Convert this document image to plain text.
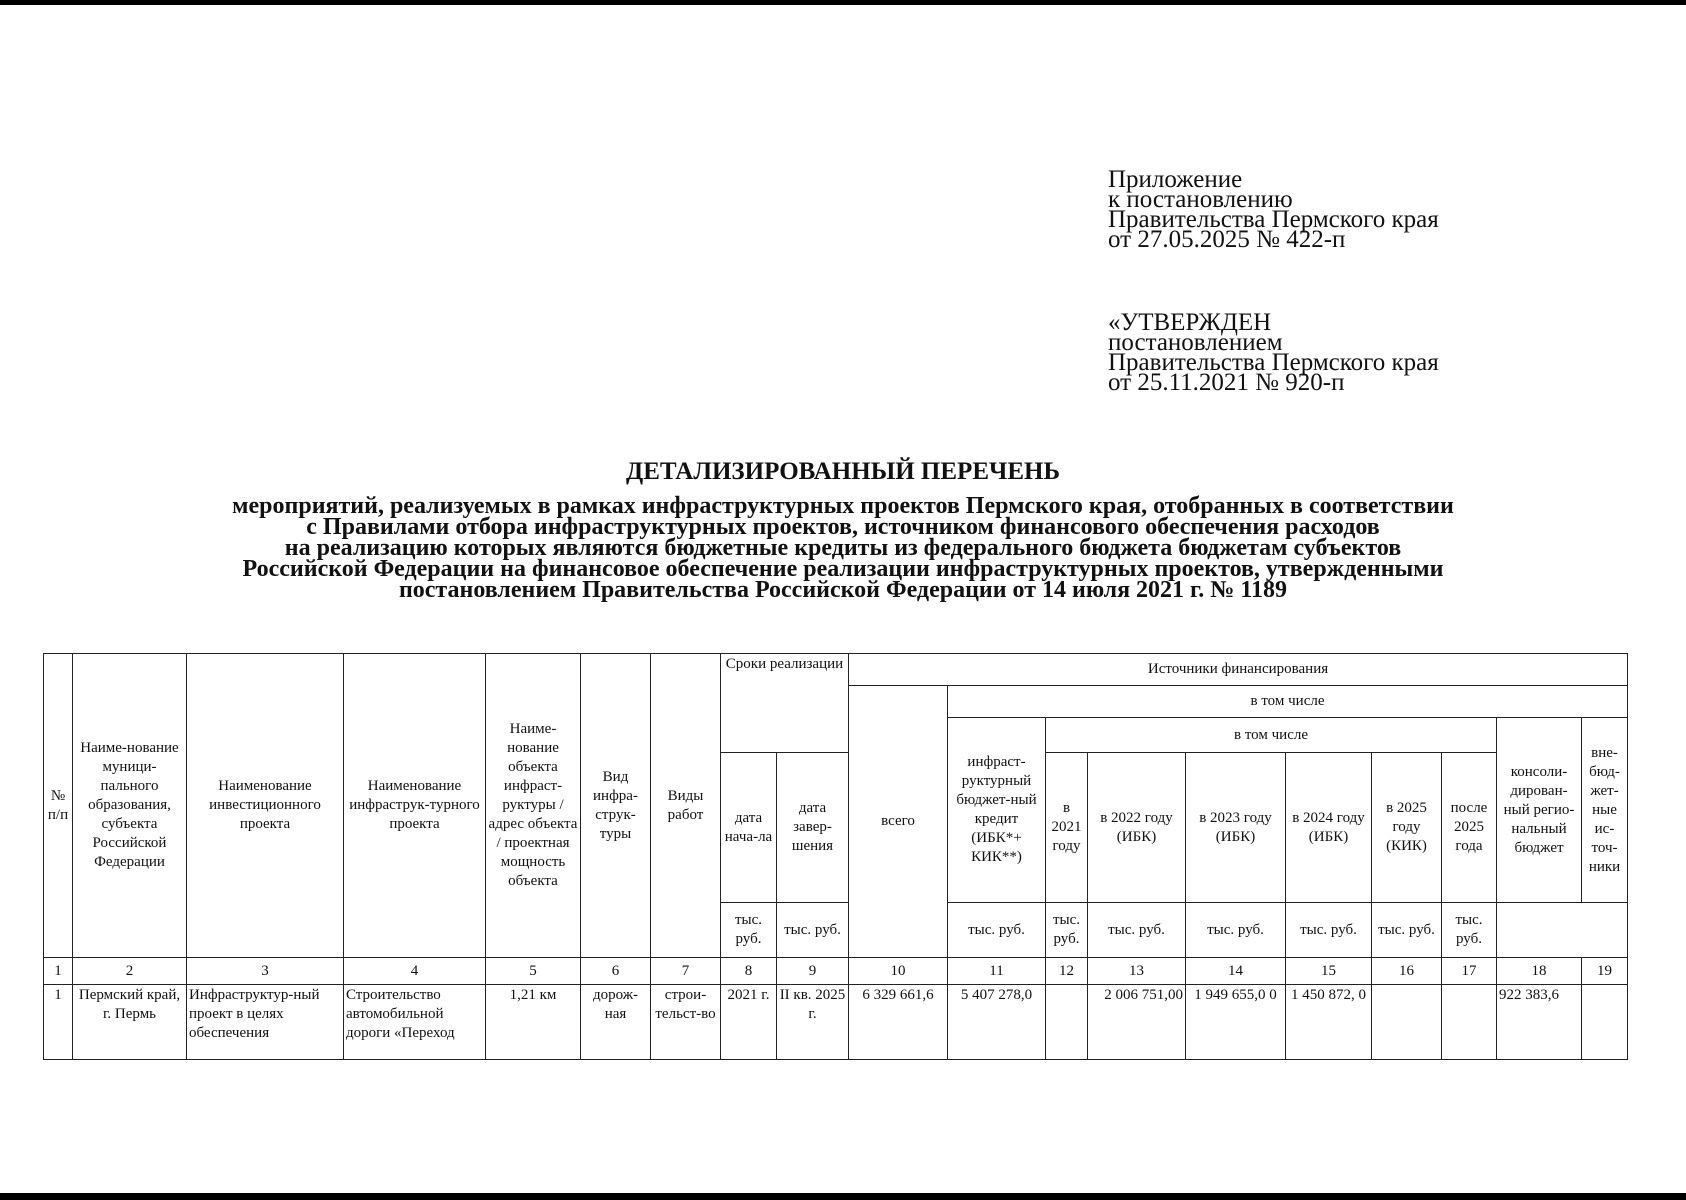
Приложение
к постановлению
Правительства Пермского края
от 27.05.2025 № 422-п
«УТВЕРЖДЕН
постановлением
Правительства Пермского края
от 25.11.2021 № 920-п
ДЕТАЛИЗИРОВАННЫЙ ПЕРЕЧЕНЬ
мероприятий, реализуемых в рамках инфраструктурных проектов Пермского края, отобранных в соответствии
с Правилами отбора инфраструктурных проектов, источником финансового обеспечения расходов
на реализацию которых являются бюджетные кредиты из федерального бюджета бюджетам субъектов
Российской Федерации на финансовое обеспечение реализации инфраструктурных проектов, утвержденными
постановлением Правительства Российской Федерации от 14 июля 2021 г. № 1189
№ п/п	Наиме-нование муници-пального образования, субъекта Российской Федерации	Наименование инвестиционного проекта	Наименование инфраструк-турного проекта	Наиме-нование объекта инфраст-руктуры / адрес объекта / проектная мощность объекта	Вид инфра-струк-туры	Виды работ	Сроки реализации		Источники финансирования									
									всего	в том числе								
										инфраст-руктурный бюджет-ный кредит (ИБК*+ КИК**)	в том числе						консоли-дирован-ный регио-нальный бюджет	вне-бюд-жет-ные ис-точ-ники
							дата нача-ла	дата завер-шения			в 2021 году	в 2022 году (ИБК)	в 2023 году (ИБК)	в 2024 году (ИБК)	в 2025 году (КИК)	после 2025 года		

							тыс. руб.	тыс. руб.		тыс. руб.	тыс. руб.	тыс. руб.	тыс. руб.	тыс. руб.	тыс. руб.	тыс. руб.		
1	2	3	4	5	6	7	8	9	10	11	12	13	14	15	16	17	18	19
1	Пермский край, г. Пермь	Инфраструктур-ный проект в целях обеспечения	Строительство автомобильной дороги «Переход	1,21 км	дорож-ная	строи-тельст-во	2021 г.	II кв. 2025 г.	6 329 661,6	5 407 278,0		2 006 751,00	1 949 655,0 0	1 450 872, 0			922 383,6	
